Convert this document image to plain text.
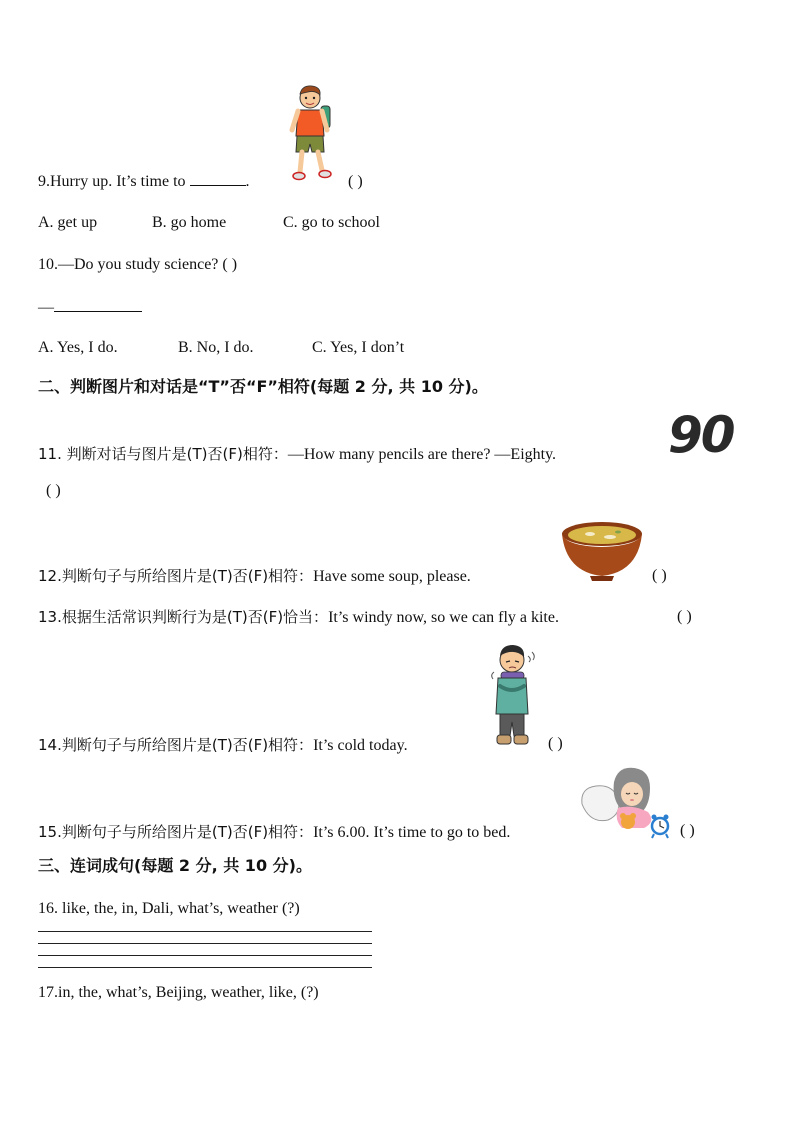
9.Hurry up. It’s time to	.	( )
A. get up	B. go home	C. go to school
10.—Do you study science? ( )
—
A. Yes, I do.	B. No, I do.	C. Yes, I don’t
二、判断图片和对话是“T”否“F”相符(每题 2 分, 共 10 分)。
11. 判断对话与图片是(T)否(F)相符：—How many pencils are there? —Eighty. 90
( )
12.判断句子与所给图片是(T)否(F)相符：Have some soup, please.	( )
13.根据生活常识判断行为是(T)否(F)恰当：It’s windy now, so we can fly a kite.	( )
14.判断句子与所给图片是(T)否(F)相符：It’s cold today.	( )
15.判断句子与所给图片是(T)否(F)相符：It’s 6.00. It’s time to go to bed.	( )
三、连词成句(每题 2 分, 共 10 分)。
16. like, the, in, Dali, what’s, weather (?)
17.in, the, what’s, Beijing, weather, like, (?)
